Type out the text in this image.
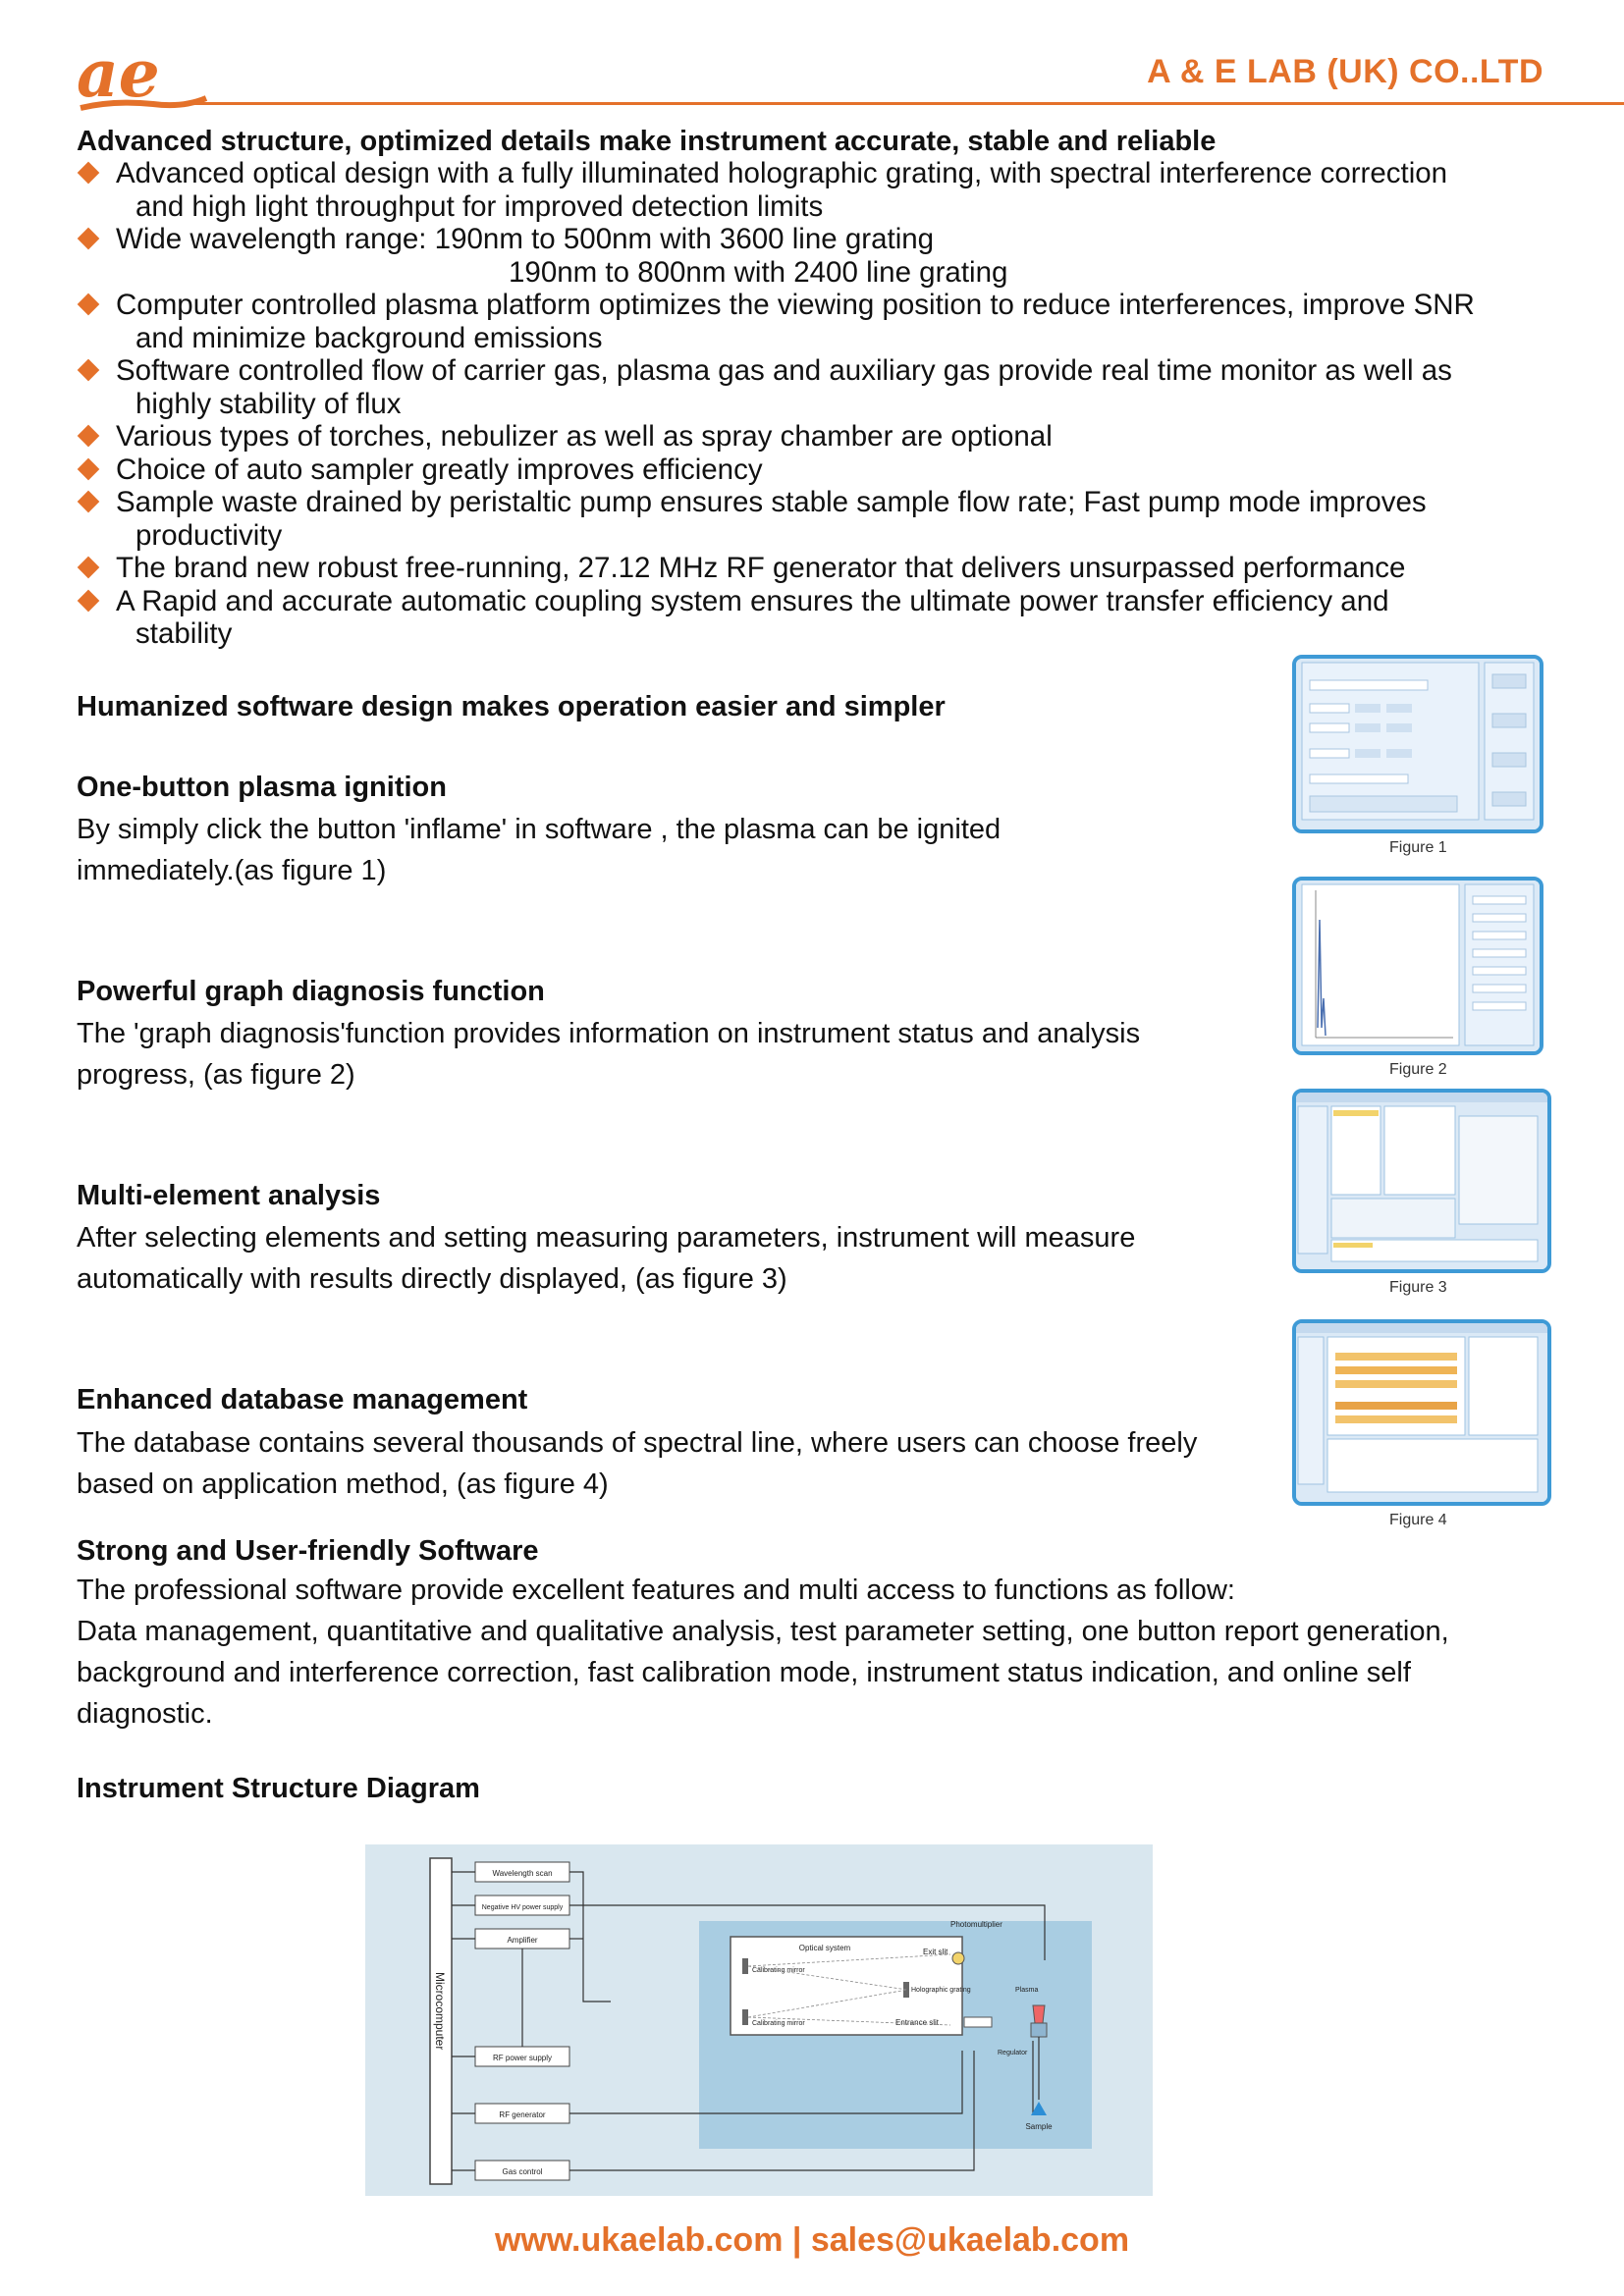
ae	A & E LAB (UK) CO..LTD
Advanced structure, optimized details make instrument accurate, stable and reliable
Advanced optical design with a fully illuminated holographic grating, with spectral interference correction
and high light throughput for improved detection limits
Wide wavelength range: 190nm to 500nm with 3600 line grating
190nm to 800nm with 2400 line grating
Computer controlled plasma platform optimizes the viewing position to reduce interferences, improve SNR
and minimize background emissions
Software controlled flow of carrier gas, plasma gas and auxiliary gas provide real time monitor as well as
highly stability of flux
Various types of torches, nebulizer as well as spray chamber are optional
Choice of auto sampler greatly improves efficiency
Sample waste drained by peristaltic pump ensures stable sample flow rate; Fast pump mode improves
productivity
The brand new robust free-running, 27.12 MHz RF generator that delivers unsurpassed performance
A Rapid and accurate automatic coupling system ensures the ultimate power transfer efficiency and
stability
Humanized software design makes operation easier and simpler
One-button plasma ignition
By simply click the button 'inflame' in software , the plasma can be ignited
immediately.(as figure 1)
Powerful graph diagnosis function
The 'graph diagnosis'function provides information on instrument status and analysis
progress, (as figure 2)
Multi-element analysis
After selecting elements and setting measuring parameters, instrument will measure
automatically with results directly displayed, (as figure 3)
Enhanced database management
The database contains several thousands of spectral line, where users can choose freely
based on application method, (as figure 4)
Figure 1
Figure 2
Figure 3
Figure 4
Strong and User-friendly Software
The professional software provide excellent features and multi access to functions as follow:
Data management, quantitative and qualitative analysis, test parameter setting, one button report generation,
background and interference correction, fast calibration mode, instrument status indication, and online self
diagnostic.
Instrument Structure Diagram
Microcomputer
Wavelength scan
Negative HV power supply
Amplifier
RF power supply
RF generator
Gas control
Optical system	Exit slit
Calibrating mirror
Holographic grating
Calibrating mirror	Entrance slit
Photomultiplier
Plasma
Regulator
Sample
www.ukaelab.com | sales@ukaelab.com
